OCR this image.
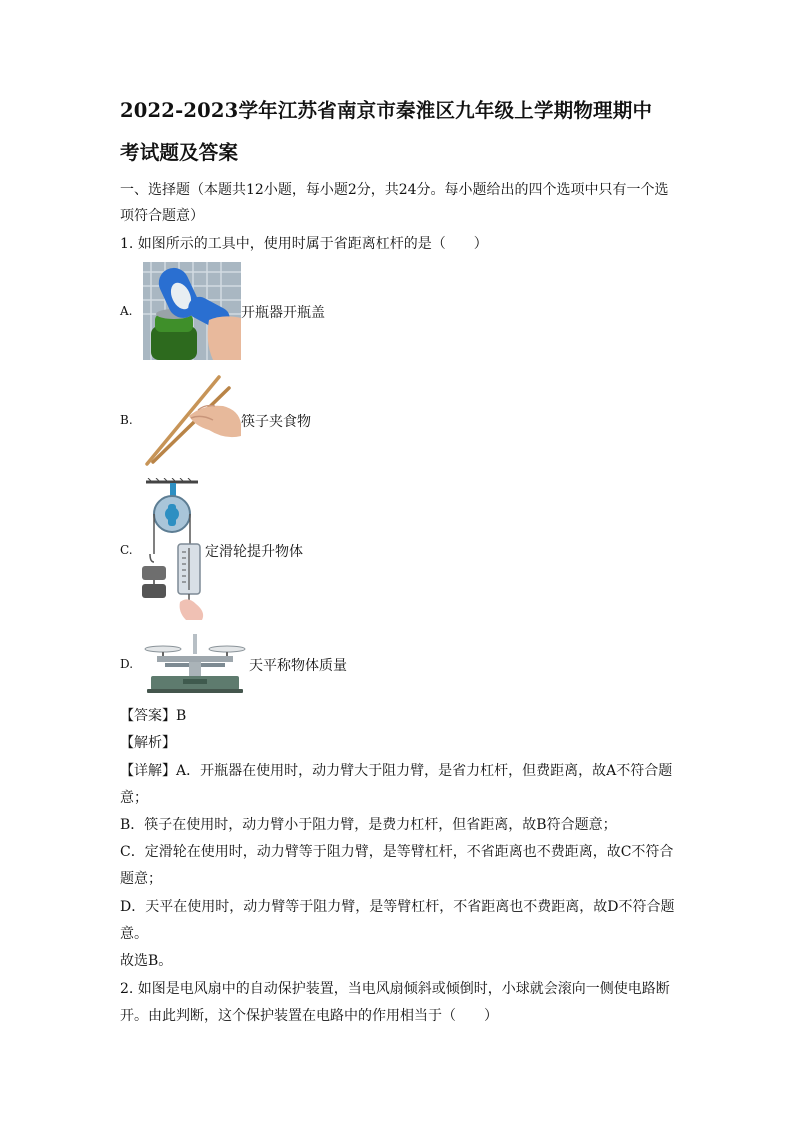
2022-2023学年江苏省南京市秦淮区九年级上学期物理期中
考试题及答案
一、选择题（本题共12小题，每小题2分，共24分。每小题给出的四个选项中只有一个选
项符合题意）
1. 如图所示的工具中，使用时属于省距离杠杆的是（　　）
A.	开瓶器开瓶盖
B.	筷子夹食物
C.	定滑轮提升物体
D.	天平称物体质量
【答案】B
【解析】
【详解】A．开瓶器在使用时，动力臂大于阻力臂，是省力杠杆，但费距离，故A不符合题
意；
B．筷子在使用时，动力臂小于阻力臂，是费力杠杆，但省距离，故B符合题意；
C．定滑轮在使用时，动力臂等于阻力臂，是等臂杠杆，不省距离也不费距离，故C不符合
题意；
D．天平在使用时，动力臂等于阻力臂，是等臂杠杆，不省距离也不费距离，故D不符合题
意。
故选B。
2. 如图是电风扇中的自动保护装置，当电风扇倾斜或倾倒时，小球就会滚向一侧使电路断
开。由此判断，这个保护装置在电路中的作用相当于（　　）
